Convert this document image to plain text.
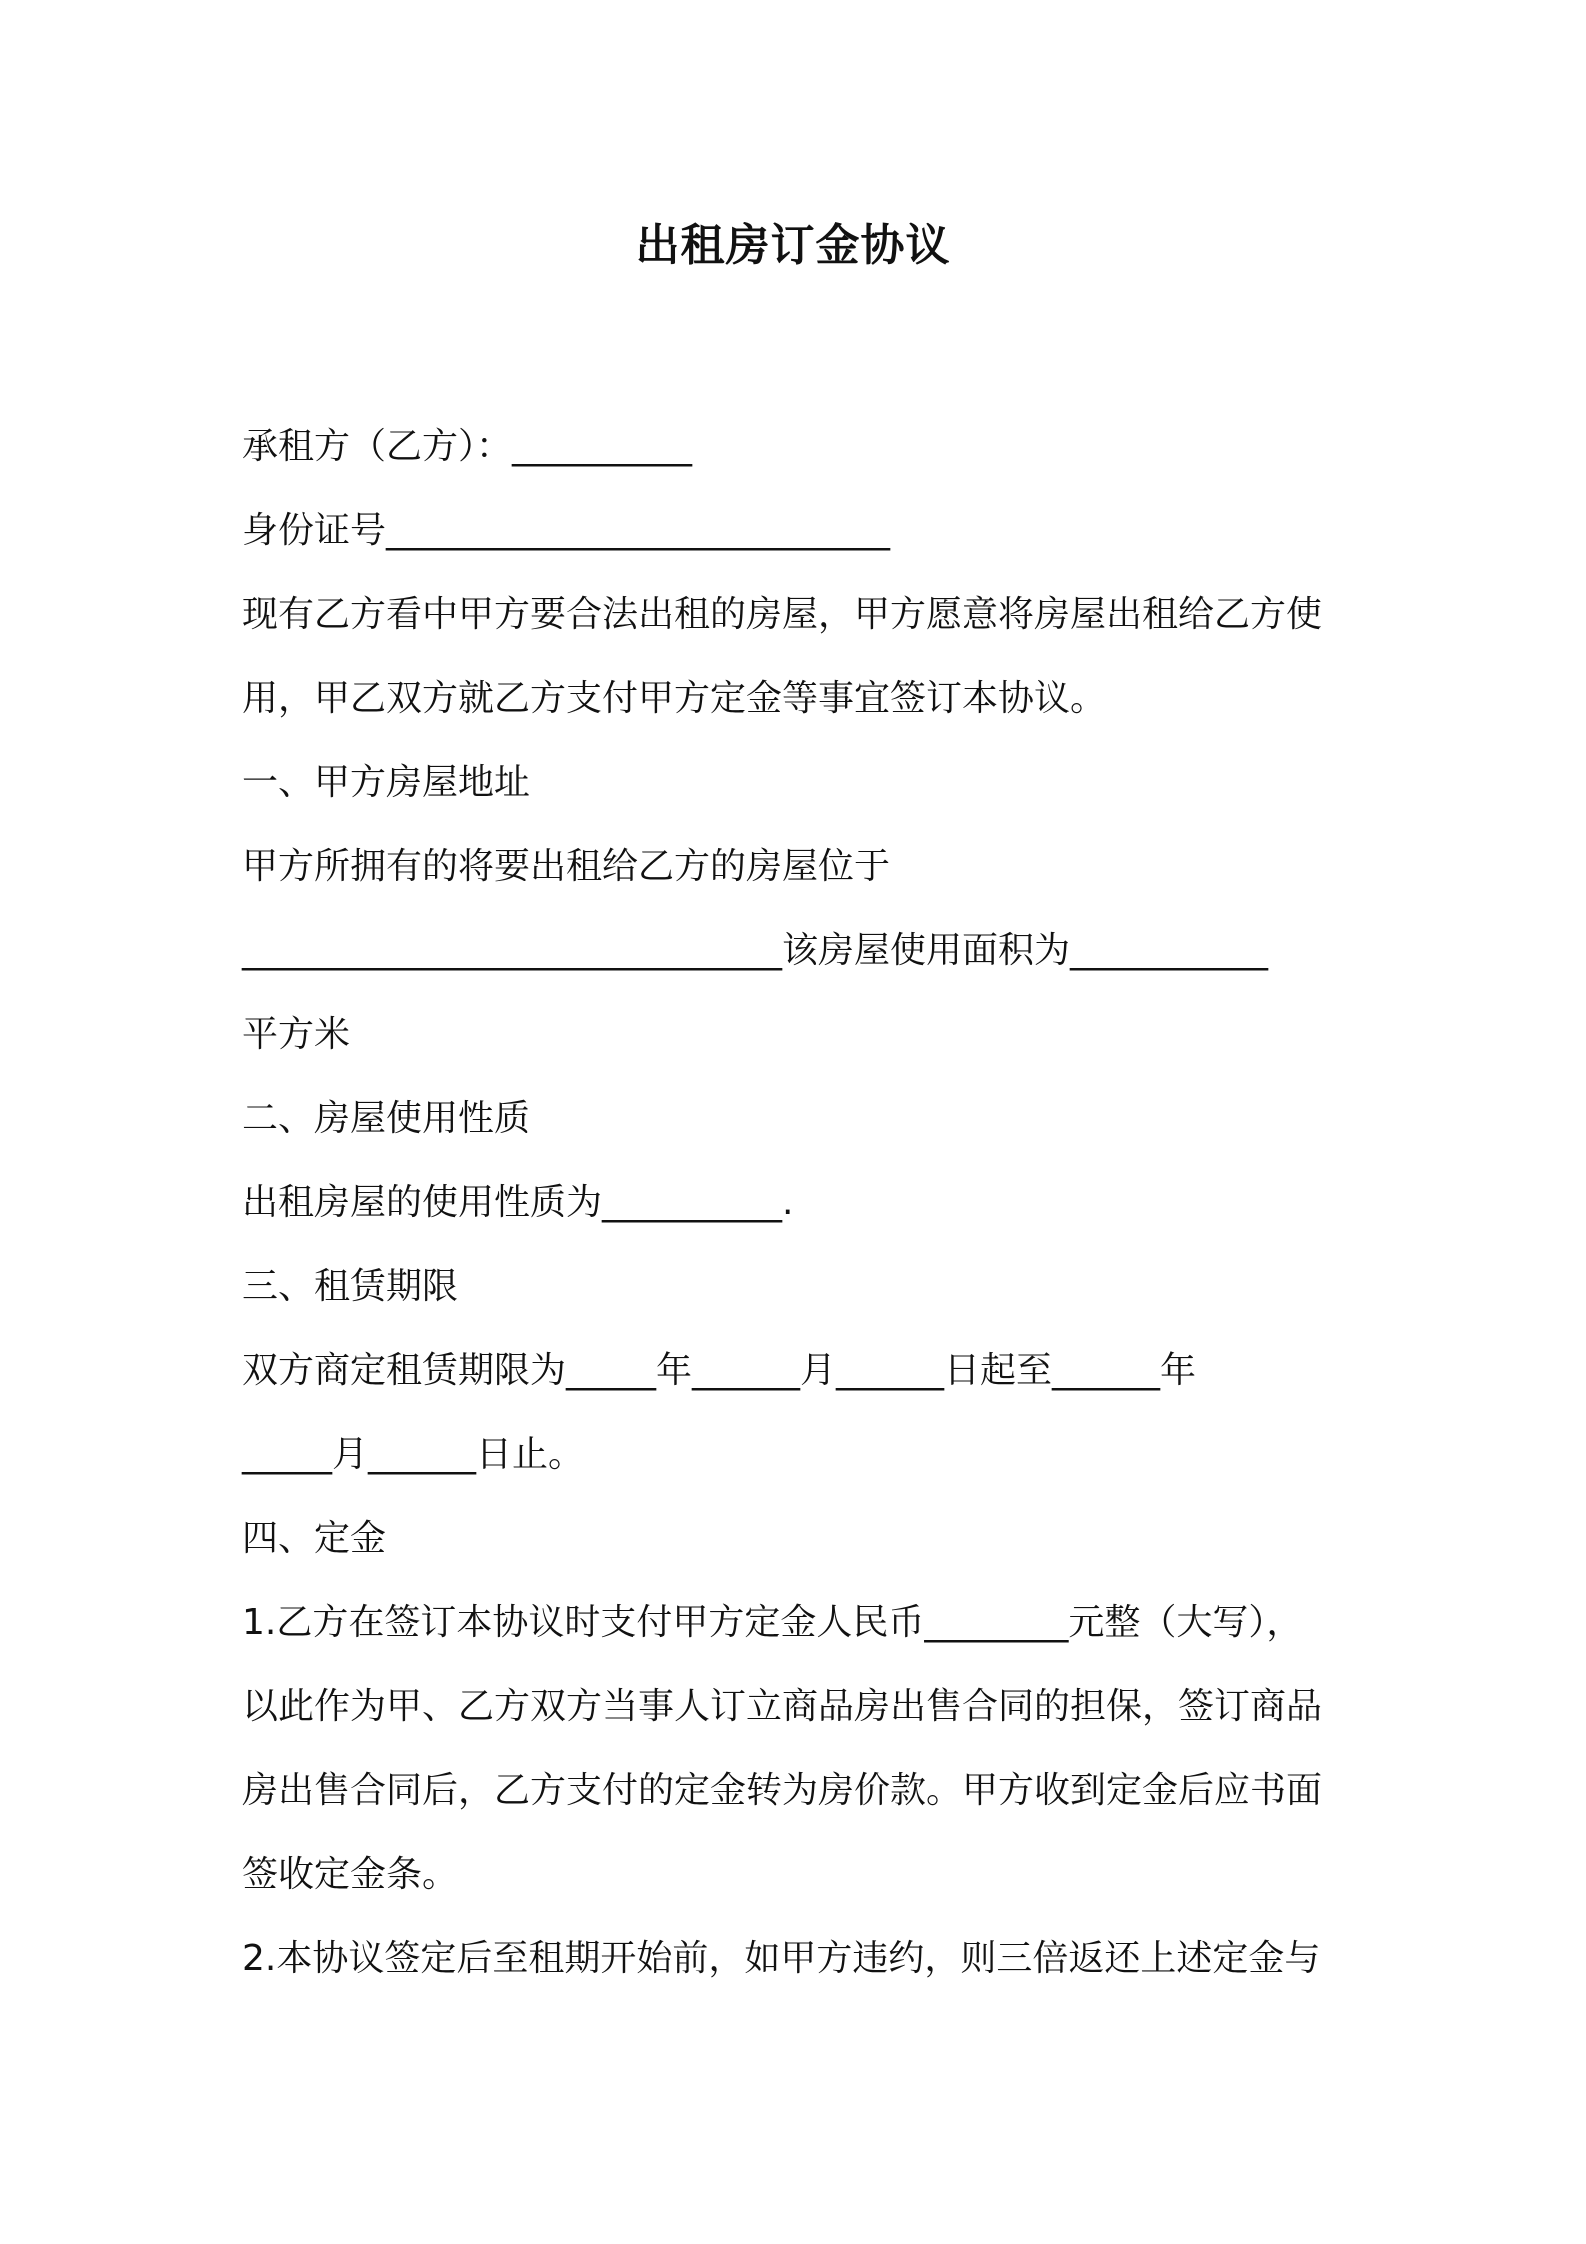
出租房订金协议
承租方（乙方）：__________
身份证号____________________________
现有乙方看中甲方要合法出租的房屋，甲方愿意将房屋出租给乙方使
用，甲乙双方就乙方支付甲方定金等事宜签订本协议。
一、甲方房屋地址
甲方所拥有的将要出租给乙方的房屋位于
______________________________该房屋使用面积为___________
平方米
二、房屋使用性质
出租房屋的使用性质为__________.
三、租赁期限
双方商定租赁期限为_____年______月______日起至______年
_____月______日止。
四、定金
1.乙方在签订本协议时支付甲方定金人民币________元整（大写），
以此作为甲、乙方双方当事人订立商品房出售合同的担保，签订商品
房出售合同后，乙方支付的定金转为房价款。甲方收到定金后应书面
签收定金条。
2.本协议签定后至租期开始前，如甲方违约，则三倍返还上述定金与
